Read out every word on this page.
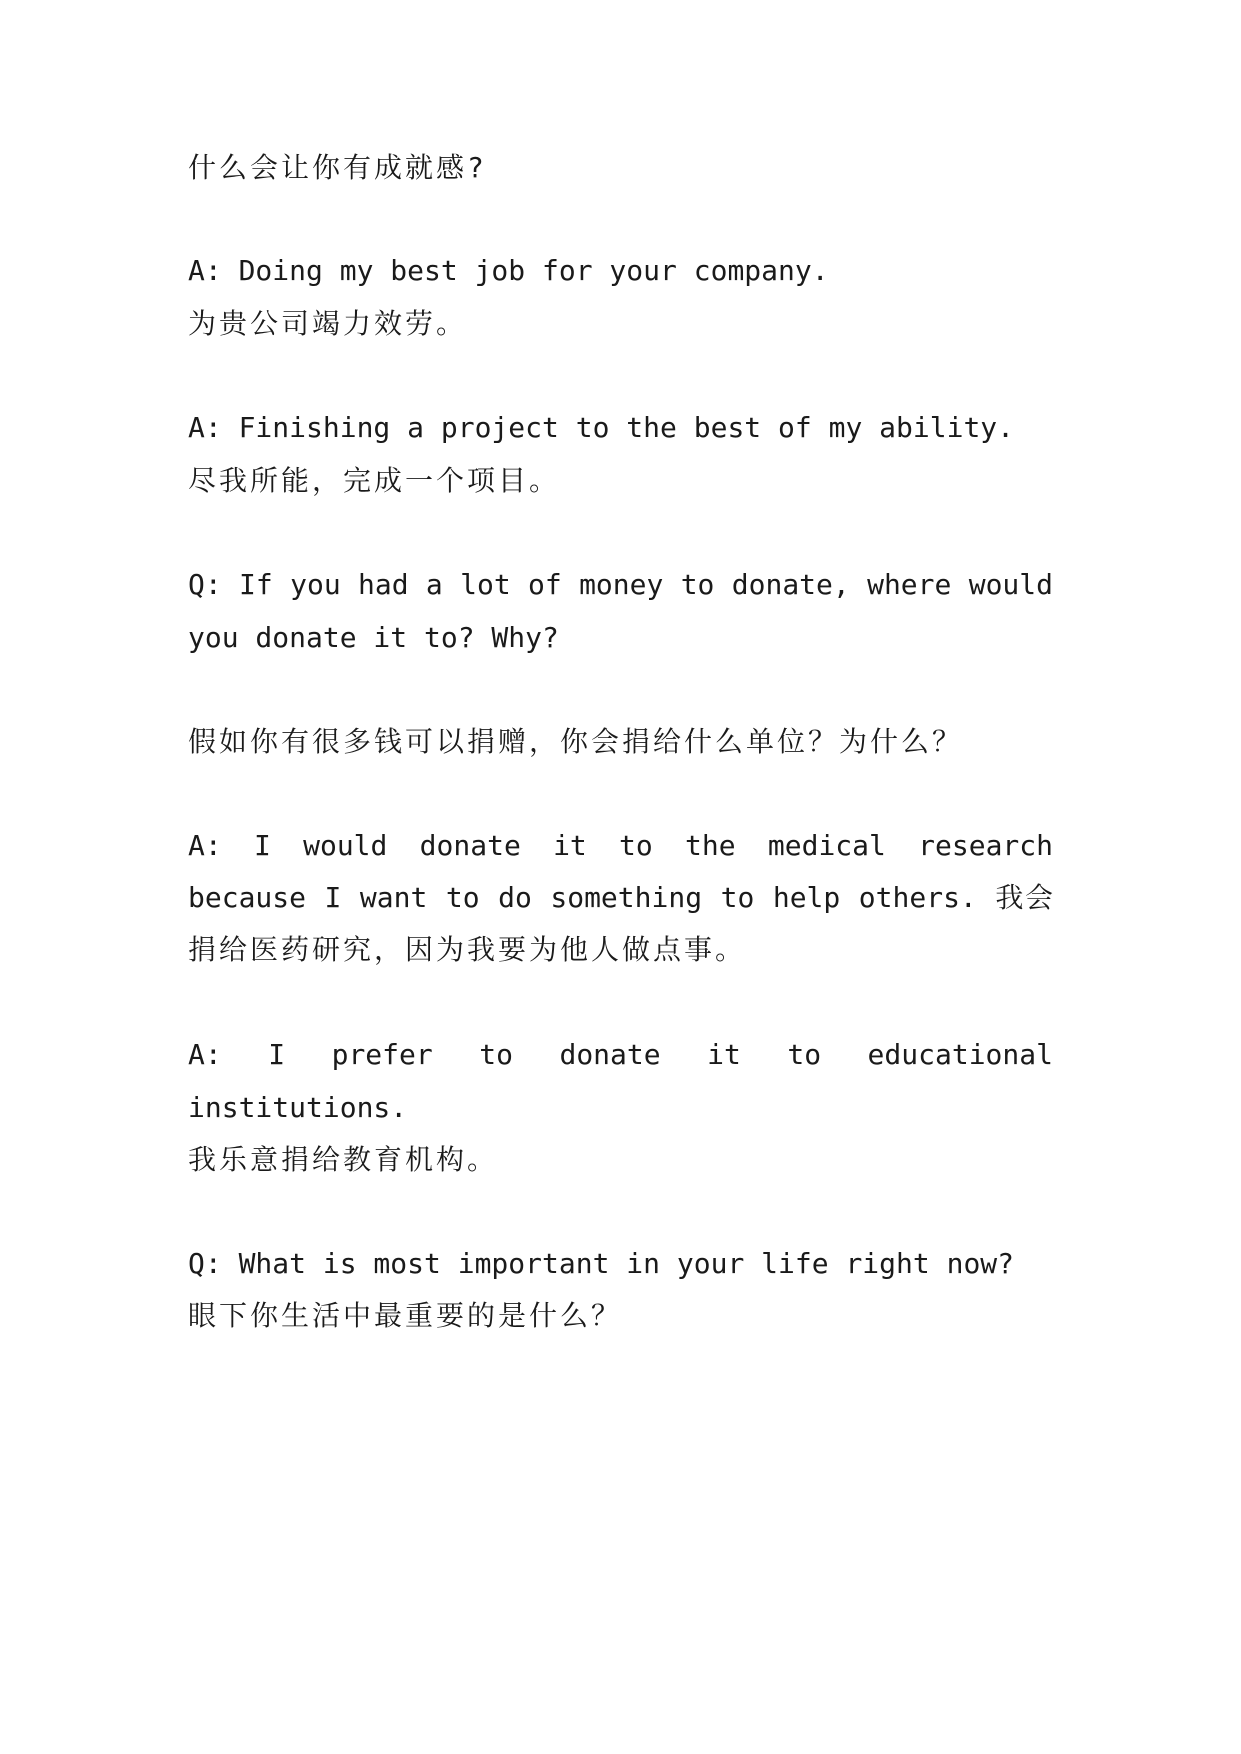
什么会让你有成就感?

A: Doing my best job for your company.

为贵公司竭力效劳。

A: Finishing a project to the best of my ability.

尽我所能，完成一个项目。

Q: If you had a lot of money to donate, where would

you donate it to? Why?

假如你有很多钱可以捐赠，你会捐给什么单位？为什么？

A: I would donate it to the medical research

because I want to do something to help others. 我会

捐给医药研究，因为我要为他人做点事。

A: I prefer to donate it to educational

institutions.

我乐意捐给教育机构。

Q: What is most important in your life right now?

眼下你生活中最重要的是什么？
